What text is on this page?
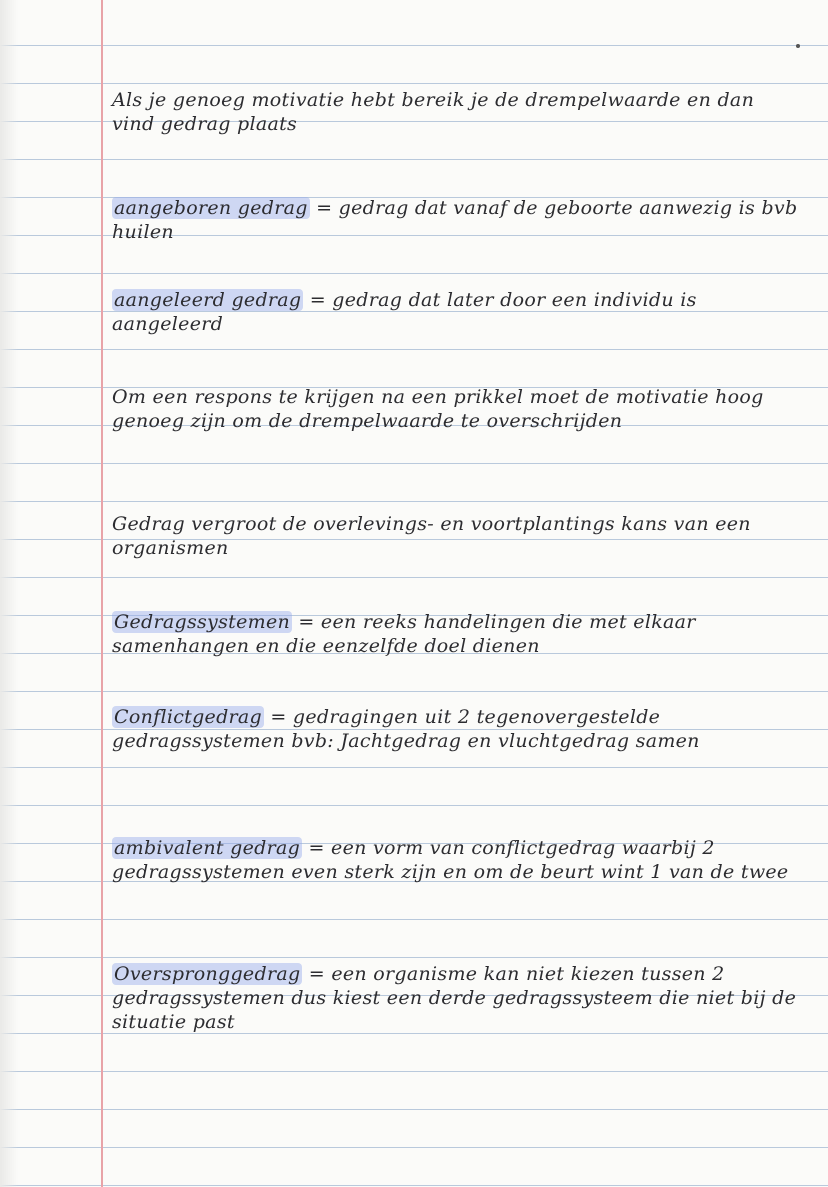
Als je genoeg motivatie hebt bereik je de drempelwaarde en dan vind gedrag plaats

aangeboren gedrag = gedrag dat vanaf de geboorte aanwezig is bvb huilen

aangeleerd gedrag = gedrag dat later door een individu is aangeleerd

Om een respons te krijgen na een prikkel moet de motivatie hoog genoeg zijn om de drempelwaarde te overschrijden

Gedrag vergroot de overlevings- en voortplantings kans van een organismen

Gedragssystemen = een reeks handelingen die met elkaar samenhangen en die eenzelfde doel dienen

Conflictgedrag = gedragingen uit 2 tegenovergestelde gedragssystemen bvb: Jachtgedrag en vluchtgedrag samen

ambivalent gedrag = een vorm van conflictgedrag waarbij 2 gedragssystemen even sterk zijn en om de beurt wint 1 van de twee

Overspronggedrag = een organisme kan niet kiezen tussen 2 gedragssystemen dus kiest een derde gedragssysteem die niet bij de situatie past
